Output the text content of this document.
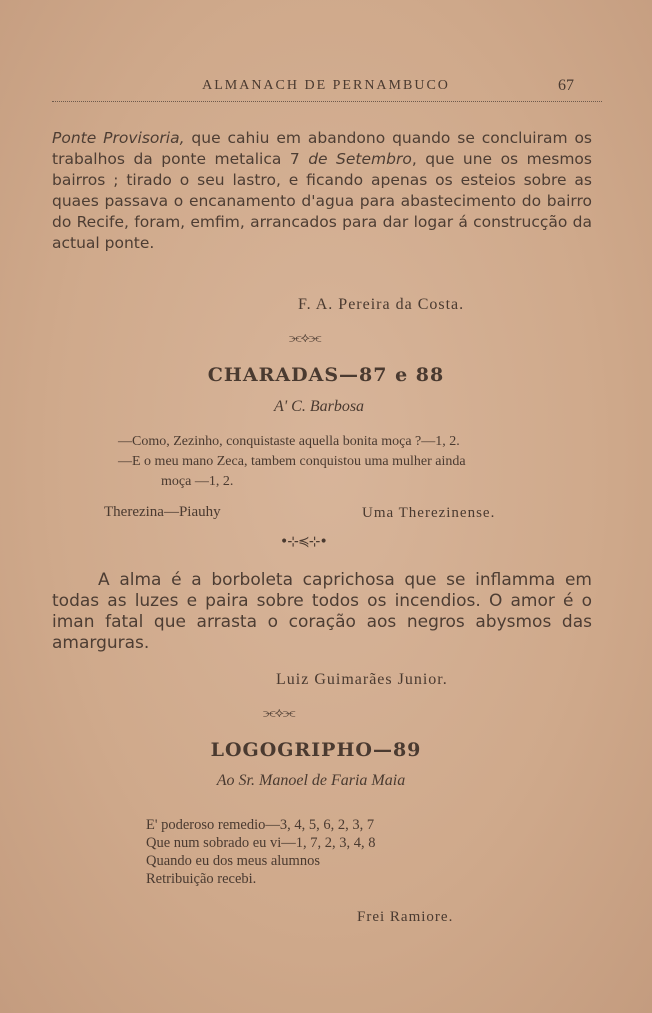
ALMANACH DE PERNAMBUCO	67
Ponte Provisoria, que cahiu em abandono quando se concluiram os trabalhos da ponte metalica 7 de Setembro, que une os mesmos bairros ; tirado o seu lastro, e ficando apenas os esteios sobre as quaes passava o encanamento d'agua para abastecimento do bairro do Recife, foram, emfim, arrancados para dar logar á construcção da actual ponte.
F. A. Pereira da Costa.
⫘⟡⫘
CHARADAS—87 e 88
A' C. Barbosa
—Como, Zezinho, conquistaste aquella bonita moça ?—1, 2.
—E o meu mano Zeca, tambem conquistou uma mulher ainda
moça —1, 2.
Therezina—Piauhy	Uma Therezinense.
•⊹≼⊹•
A alma é a borboleta caprichosa que se inflamma em todas as luzes e paira sobre todos os incendios. O amor é o iman fatal que arrasta o coração aos negros abysmos das amarguras.
Luiz Guimarães Junior.
⫘⟡⫘
LOGOGRIPHO—89
Ao Sr. Manoel de Faria Maia
E' poderoso remedio—3, 4, 5, 6, 2, 3, 7
Que num sobrado eu vi—1, 7, 2, 3, 4, 8
Quando eu dos meus alumnos
Retribuição recebi.
Frei Ramiore.
